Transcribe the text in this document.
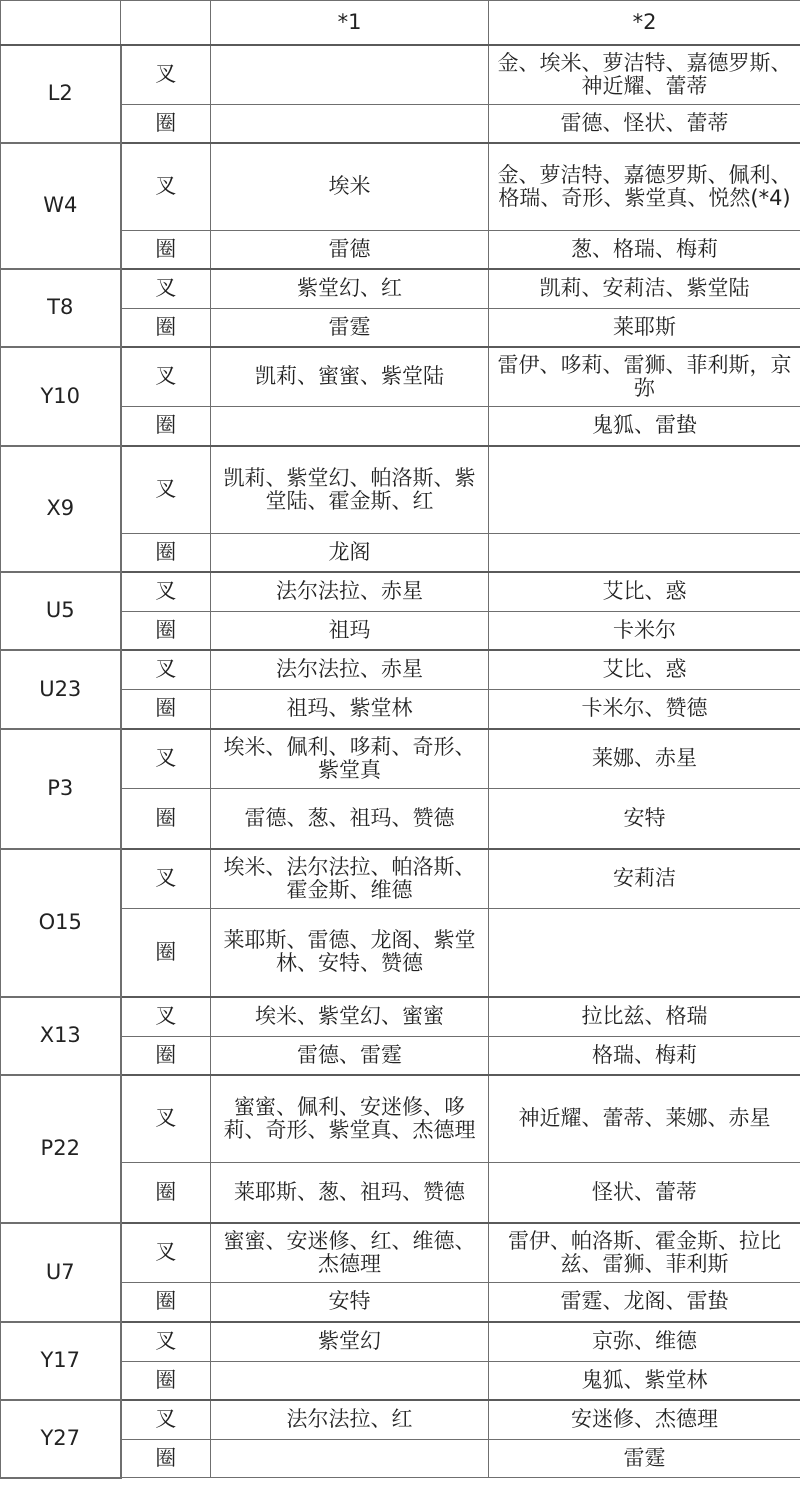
		*1	*2
L2	叉		金、埃米、萝洁特、嘉德罗斯、神近耀、蕾蒂
	圈		雷德、怪状、蕾蒂
W4	叉	埃米	金、萝洁特、嘉德罗斯、佩利、格瑞、奇形、紫堂真、悦然(*4)
	圈	雷德	葱、格瑞、梅莉
T8	叉	紫堂幻、红	凯莉、安莉洁、紫堂陆
	圈	雷霆	莱耶斯
Y10	叉	凯莉、蜜蜜、紫堂陆	雷伊、哆莉、雷狮、菲利斯，京弥
	圈		鬼狐、雷蛰
X9	叉	凯莉、紫堂幻、帕洛斯、紫堂陆、霍金斯、红	
	圈	龙阁	
U5	叉	法尔法拉、赤星	艾比、惑
	圈	祖玛	卡米尔
U23	叉	法尔法拉、赤星	艾比、惑
	圈	祖玛、紫堂林	卡米尔、赞德
P3	叉	埃米、佩利、哆莉、奇形、紫堂真	莱娜、赤星
	圈	雷德、葱、祖玛、赞德	安特
O15	叉	埃米、法尔法拉、帕洛斯、霍金斯、维德	安莉洁
	圈	莱耶斯、雷德、龙阁、紫堂林、安特、赞德	
X13	叉	埃米、紫堂幻、蜜蜜	拉比兹、格瑞
	圈	雷德、雷霆	格瑞、梅莉
P22	叉	蜜蜜、佩利、安迷修、哆莉、奇形、紫堂真、杰德理	神近耀、蕾蒂、莱娜、赤星
	圈	莱耶斯、葱、祖玛、赞德	怪状、蕾蒂
U7	叉	蜜蜜、安迷修、红、维德、杰德理	雷伊、帕洛斯、霍金斯、拉比兹、雷狮、菲利斯
	圈	安特	雷霆、龙阁、雷蛰
Y17	叉	紫堂幻	京弥、维德
	圈		鬼狐、紫堂林
Y27	叉	法尔法拉、红	安迷修、杰德理
	圈		雷霆
